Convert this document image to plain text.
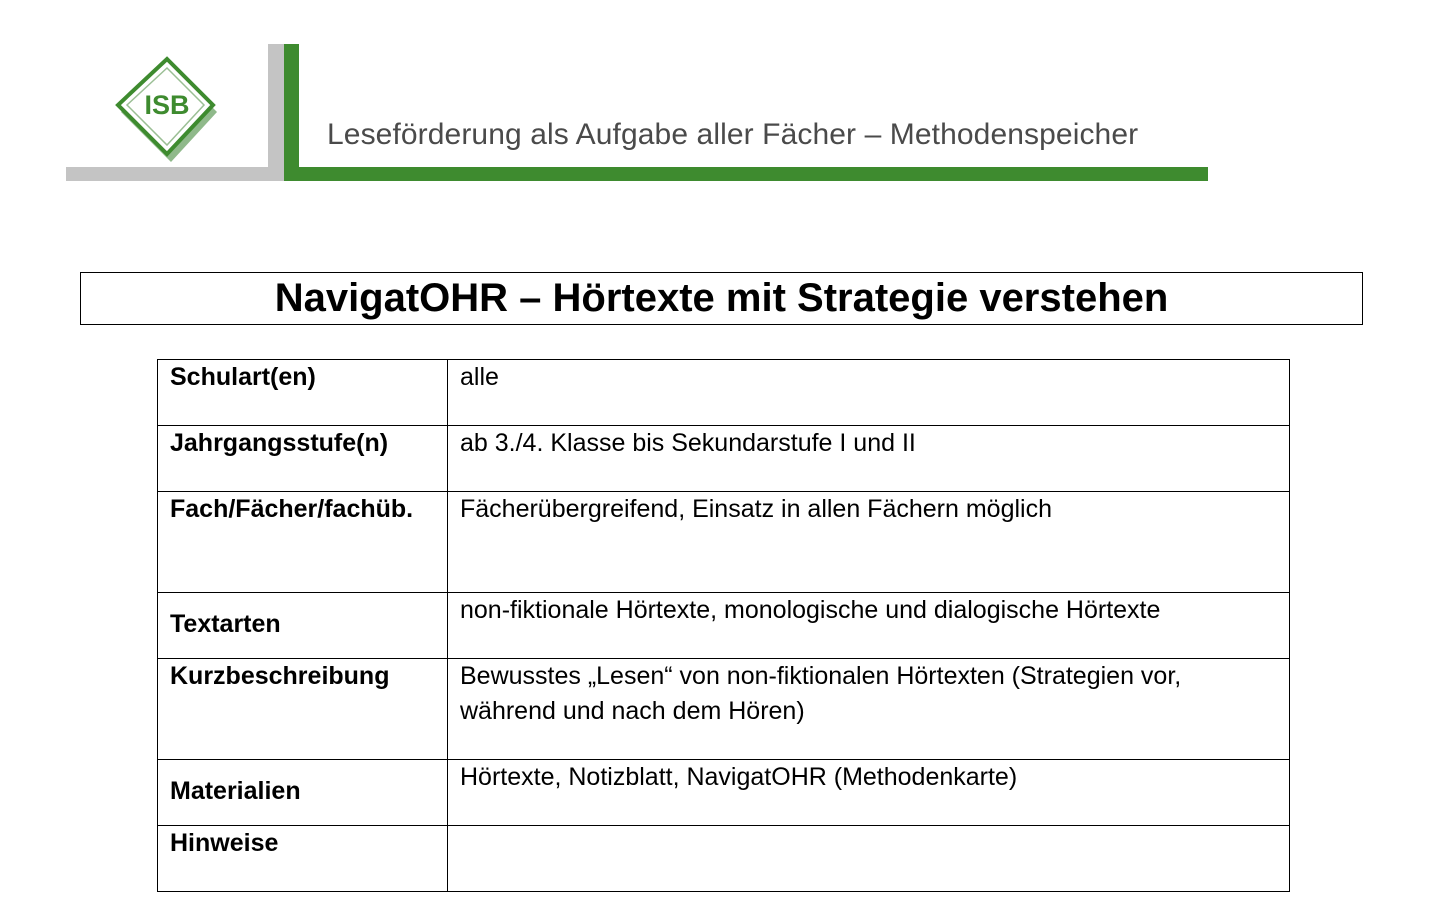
ISB
Leseförderung als Aufgabe aller Fächer – Methodenspeicher
NavigatOHR – Hörtexte mit Strategie verstehen
Schulart(en)	alle
Jahrgangsstufe(n)	ab 3./4. Klasse bis Sekundarstufe I und II
Fach/Fächer/fachüb.	Fächerübergreifend, Einsatz in allen Fächern möglich
Textarten	non-fiktionale Hörtexte, monologische und dialogische Hörtexte
Kurzbeschreibung	Bewusstes „Lesen“ von non-fiktionalen Hörtexten (Strategien vor,
während und nach dem Hören)

Materialien	Hörtexte, Notizblatt, NavigatOHR (Methodenkarte)
Hinweise	
